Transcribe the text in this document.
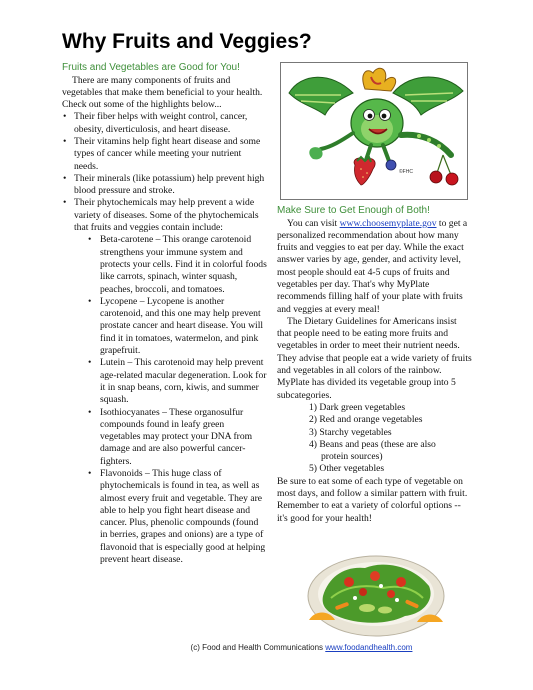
Why Fruits and Veggies?
Fruits and Vegetables are Good for You!
There are many components of fruits and vegetables that make them beneficial to your health. Check out some of the highlights below...
• Their fiber helps with weight control, cancer, obesity, diverticulosis, and heart disease.
• Their vitamins help fight heart disease and some types of cancer while meeting your nutrient needs.
• Their minerals (like potassium) help prevent high blood pressure and stroke.
• Their phytochemicals may help prevent a wide variety of diseases. Some of the phytochemicals that fruits and veggies contain include:
• Beta-carotene – This orange carotenoid strengthens your immune system and protects your cells. Find it in colorful foods like carrots, spinach, winter squash, peaches, broccoli, and tomatoes.
• Lycopene – Lycopene is another carotenoid, and this one may help prevent prostate cancer and heart disease. You will find it in tomatoes, watermelon, and pink grapefruit.
• Lutein – This carotenoid may help prevent age-related macular degeneration. Look for it in snap beans, corn, kiwis, and summer squash.
• Isothiocyanates – These organosulfur compounds found in leafy green vegetables may protect your DNA from damage and are also powerful cancer-fighters.
• Flavonoids – This huge class of phytochemicals is found in tea, as well as almost every fruit and vegetable. They are able to help you fight heart disease and cancer. Plus, phenolic compounds (found in berries, grapes and onions) are a type of flavonoid that is especially good at helping prevent heart disease.
©FHC
Make Sure to Get Enough of Both!
You can visit www.choosemyplate.gov to get a personalized recommendation about how many fruits and veggies to eat per day. While the exact answer varies by age, gender, and activity level, most people should eat 4-5 cups of fruits and vegetables per day. That's why MyPlate recommends filling half of your plate with fruits and veggies at every meal!
The Dietary Guidelines for Americans insist that people need to be eating more fruits and vegetables in order to meet their nutrient needs. They advise that people eat a wide variety of fruits and vegetables in all colors of the rainbow. MyPlate has divided its vegetable group into 5 subcategories.
1) Dark green vegetables
2) Red and orange vegetables
3) Starchy vegetables
4) Beans and peas (these are also
protein sources)
5) Other vegetables
Be sure to eat some of each type of vegetable on most days, and follow a similar pattern with fruit. Remember to eat a variety of colorful options -- it's good for your health!
(c) Food and Health Communications www.foodandhealth.com
